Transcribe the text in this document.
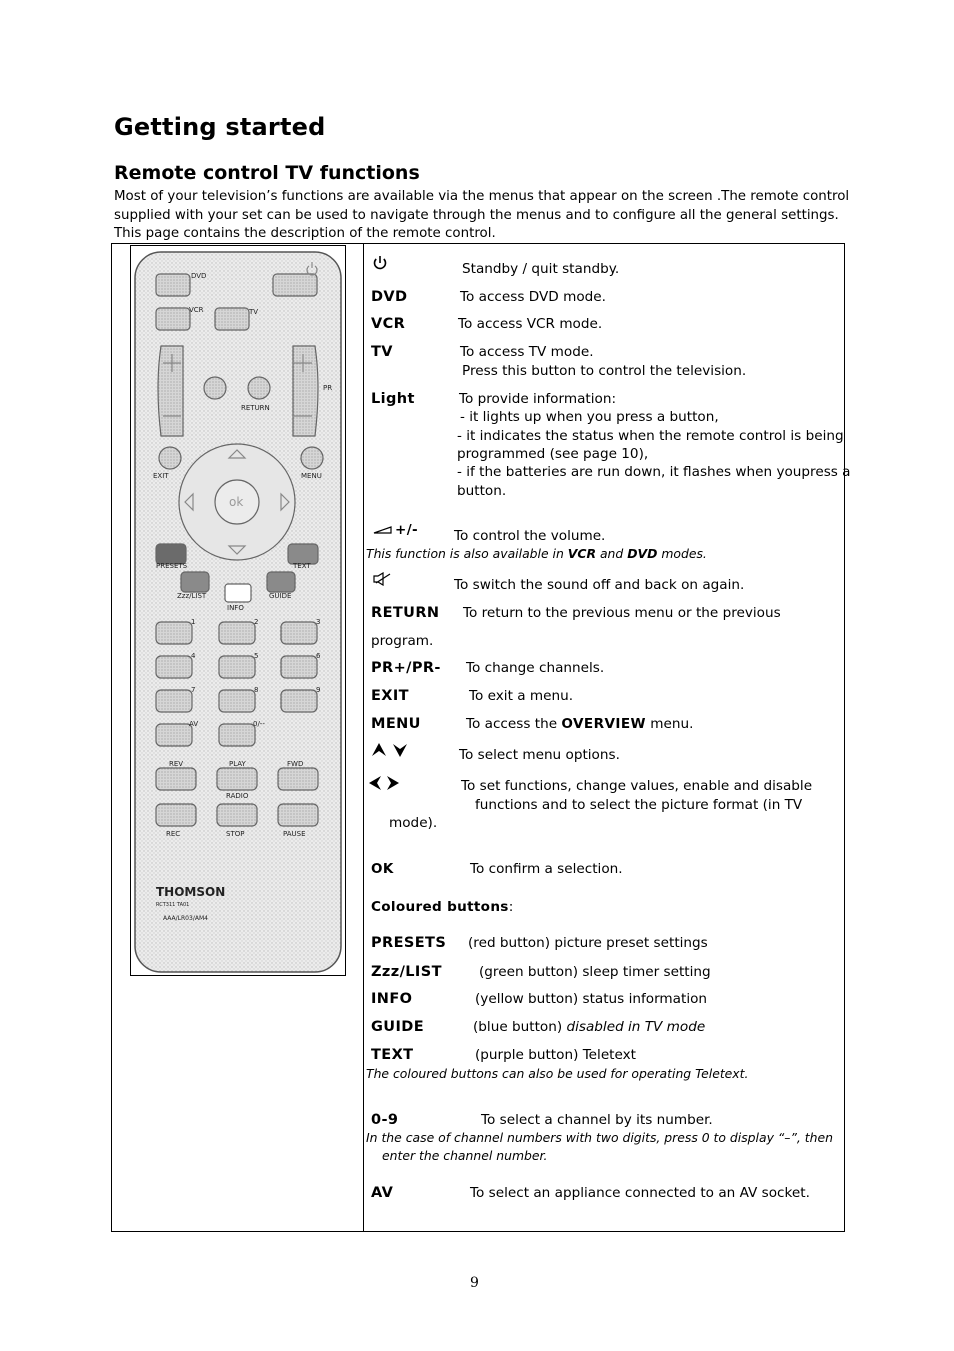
Getting started
Remote control TV functions
Most of your television’s functions are available via the menus that appear on the screen .The remote control
supplied with your set can be used to navigate through the menus and to configure all the general settings.
This page contains the description of the remote control.
DVD
VCR	TV
PR
RETURN
EXIT	MENU
ok
PRESETS	TEXT
Zzz/LIST
INFO
GUIDE
1	2	3
4	5	6
7	8	9
AV	0/--
REV	PLAY	FWD
RADIO
REC	STOP	PAUSE
THOMSON
RCT311 TA01
AAA/LR03/AM4
Standby / quit standby.
DVD	To access DVD mode.
VCR	To access VCR mode.
TV	To access TV mode.
Press this button to control the television.
Light	To provide information:
- it lights up when you press a button,
- it indicates the status when the remote control is being
programmed (see page 10),
- if the batteries are run down, it flashes when youpress a
button.
+/-	To control the volume.
This function is also available in VCR and DVD modes.
To switch the sound off and back on again.
RETURN To return to the previous menu or the previous
program.
PR+/PR- To change channels.
EXIT	To exit a menu.
MENU	To access the OVERVIEW menu.
To select menu options.
To set functions, change values, enable and disable
functions and to select the picture format (in TV
mode).
OK	To confirm a selection.
Coloured buttons:
PRESETS (red button) picture preset settings
Zzz/LIST	(green button) sleep timer setting
INFO	(yellow button) status information
GUIDE	(blue button) disabled in TV mode
TEXT	(purple button) Teletext
The coloured buttons can also be used for operating Teletext.
0-9	To select a channel by its number.
In the case of channel numbers with two digits, press 0 to display “–”, then
enter the channel number.
AV	To select an appliance connected to an AV socket.
9
